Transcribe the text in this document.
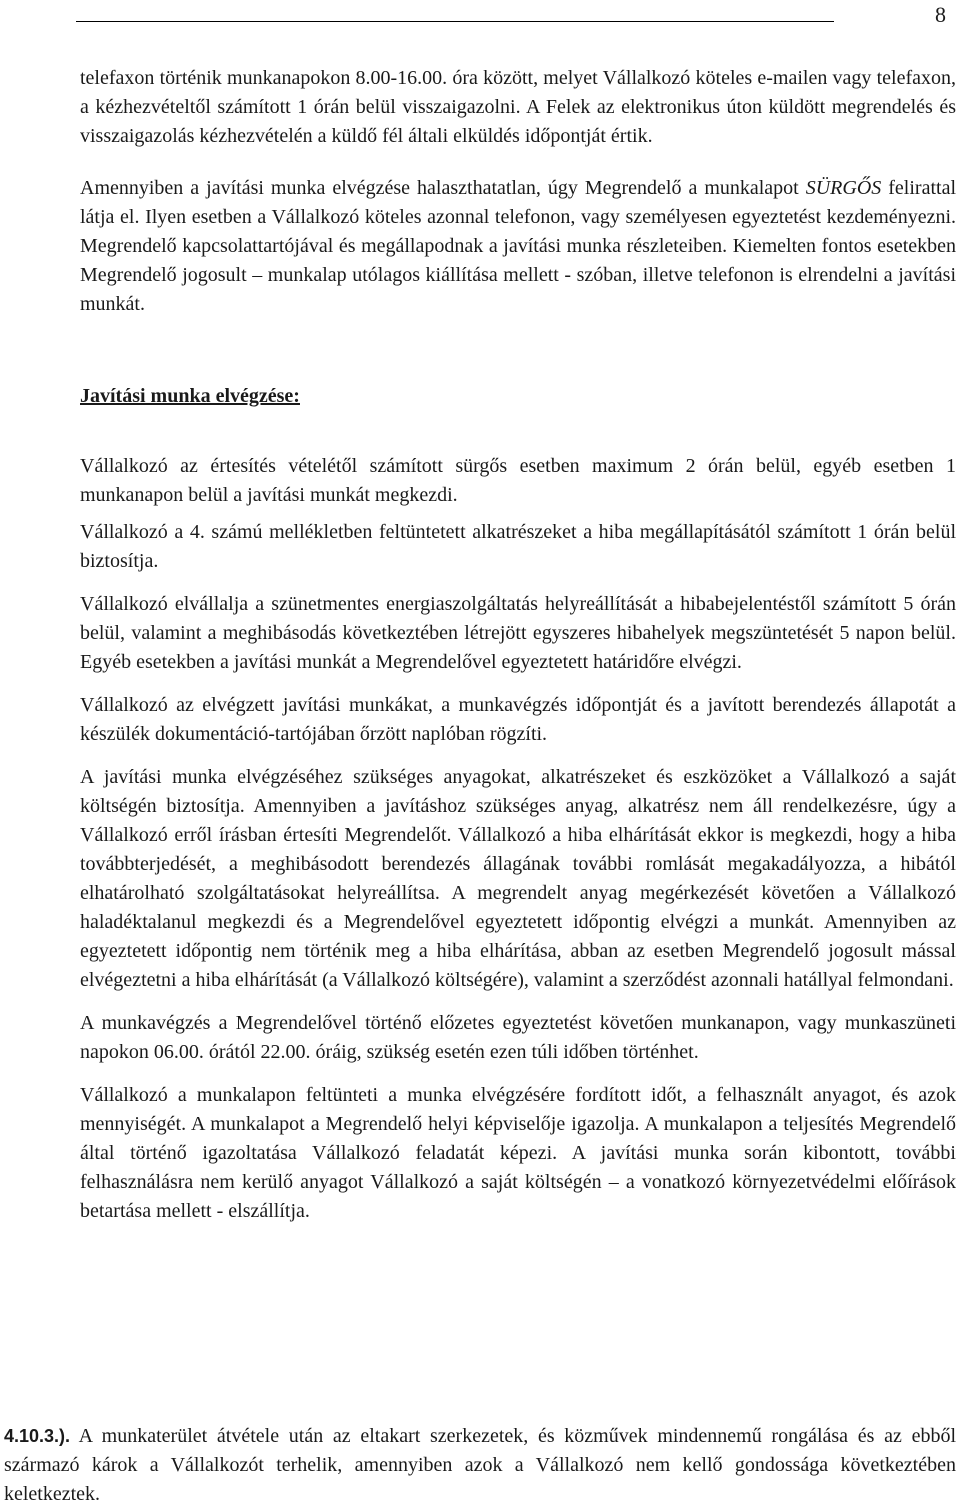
8

telefaxon történik munkanapokon 8.00-16.00. óra között, melyet Vállalkozó köteles e-mailen vagy telefaxon, a kézhezvételtől számított 1 órán belül visszaigazolni. A Felek az elektronikus úton küldött megrendelés és visszaigazolás kézhezvételén a küldő fél általi elküldés időpontját értik.

Amennyiben a javítási munka elvégzése halaszthatatlan, úgy Megrendelő a munkalapot SÜRGŐS felirattal látja el. Ilyen esetben a Vállalkozó köteles azonnal telefonon, vagy személyesen egyeztetést kezdeményezni. Megrendelő kapcsolattartójával és megállapodnak a javítási munka részleteiben. Kiemelten fontos esetekben Megrendelő jogosult – munkalap utólagos kiállítása mellett - szóban, illetve telefonon is elrendelni a javítási munkát.

Javítási munka elvégzése:

Vállalkozó az értesítés vételétől számított sürgős esetben maximum 2 órán belül, egyéb esetben 1 munkanapon belül a javítási munkát megkezdi.

Vállalkozó a 4. számú mellékletben feltüntetett alkatrészeket a hiba megállapításától számított 1 órán belül biztosítja.

Vállalkozó elvállalja a szünetmentes energiaszolgáltatás helyreállítását a hibabejelentéstől számított 5 órán belül, valamint a meghibásodás következtében létrejött egyszeres hibahelyek megszüntetését 5 napon belül. Egyéb esetekben a javítási munkát a Megrendelővel egyeztetett határidőre elvégzi.

Vállalkozó az elvégzett javítási munkákat, a munkavégzés időpontját és a javított berendezés állapotát a készülék dokumentáció-tartójában őrzött naplóban rögzíti.

A javítási munka elvégzéséhez szükséges anyagokat, alkatrészeket és eszközöket a Vállalkozó a saját költségén biztosítja. Amennyiben a javításhoz szükséges anyag, alkatrész nem áll rendelkezésre, úgy a Vállalkozó erről írásban értesíti Megrendelőt. Vállalkozó a hiba elhárítását ekkor is megkezdi, hogy a hiba továbbterjedését, a meghibásodott berendezés állagának további romlását megakadályozza, a hibától elhatárolható szolgáltatásokat helyreállítsa. A megrendelt anyag megérkezését követően a Vállalkozó haladéktalanul megkezdi és a Megrendelővel egyeztetett időpontig elvégzi a munkát. Amennyiben az egyeztetett időpontig nem történik meg a hiba elhárítása, abban az esetben Megrendelő jogosult mással elvégeztetni a hiba elhárítását (a Vállalkozó költségére), valamint a szerződést azonnali hatállyal felmondani.

A munkavégzés a Megrendelővel történő előzetes egyeztetést követően munkanapon, vagy munkaszüneti napokon 06.00. órától 22.00. óráig, szükség esetén ezen túli időben történhet.

Vállalkozó a munkalapon feltünteti a munka elvégzésére fordított időt, a felhasznált anyagot, és azok mennyiségét. A munkalapot a Megrendelő helyi képviselője igazolja. A munkalapon a teljesítés Megrendelő által történő igazoltatása Vállalkozó feladatát képezi. A javítási munka során kibontott, további felhasználásra nem kerülő anyagot Vállalkozó a saját költségén – a vonatkozó környezetvédelmi előírások betartása mellett - elszállítja.

4.10.3.). A munkaterület átvétele után az eltakart szerkezetek, és közművek mindennemű rongálása és az ebből származó károk a Vállalkozót terhelik, amennyiben azok a Vállalkozó nem kellő gondossága következtében keletkeztek.
